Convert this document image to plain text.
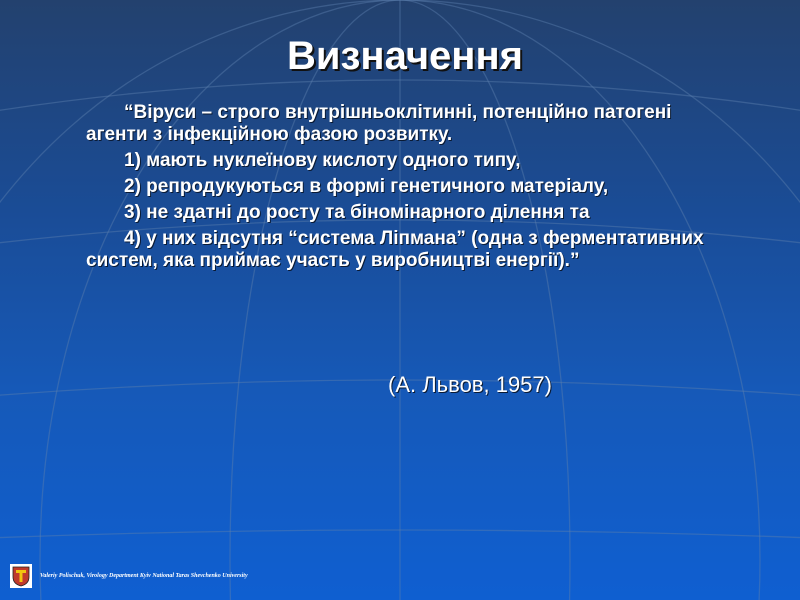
Визначення

“Віруси – строго внутрішньоклітинні, потенційно патогені агенти з інфекційною фазою розвитку.

1) мають нуклеїнову кислоту одного типу,

2) репродукуються в формі генетичного матеріалу,

3) не здатні до росту та біномінарного ділення та

4) у них відсутня “система Ліпмана” (одна з ферментативних систем, яка приймає участь у виробництві енергії).”

(А. Львов, 1957)
Valeriy Polischuk, Virology Department Kyiv National Taras Shevchenko University
